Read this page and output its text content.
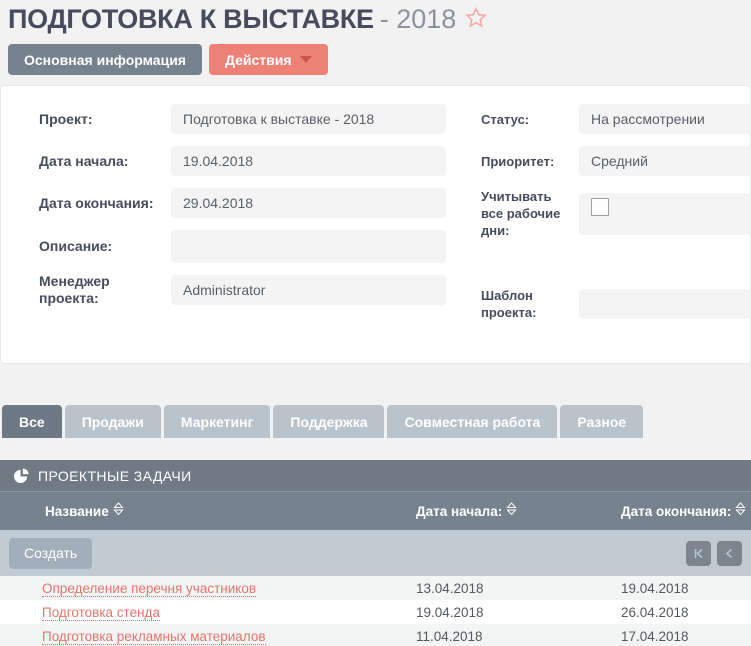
ПОДГОТОВКА К ВЫСТАВКЕ - 2018
Основная информация	Действия
Проект:	Подготовка к выставке - 2018
Дата начала:	19.04.2018
Дата окончания:	29.04.2018
Описание:
Менеджер проекта:	Administrator
Статус:	На рассмотрении
Приоритет:	Средний
Учитывать все рабочие дни:
Шаблон проекта:
Все	Продажи	Маркетинг	Поддержка	Совместная работа	Разное
ПРОЕКТНЫЕ ЗАДАЧИ
Название	Дата начала:	Дата окончания:
Создать
Определение перечня участников	13.04.2018	19.04.2018
Подготовка стенда	19.04.2018	26.04.2018
Подготовка рекламных материалов	11.04.2018	17.04.2018
